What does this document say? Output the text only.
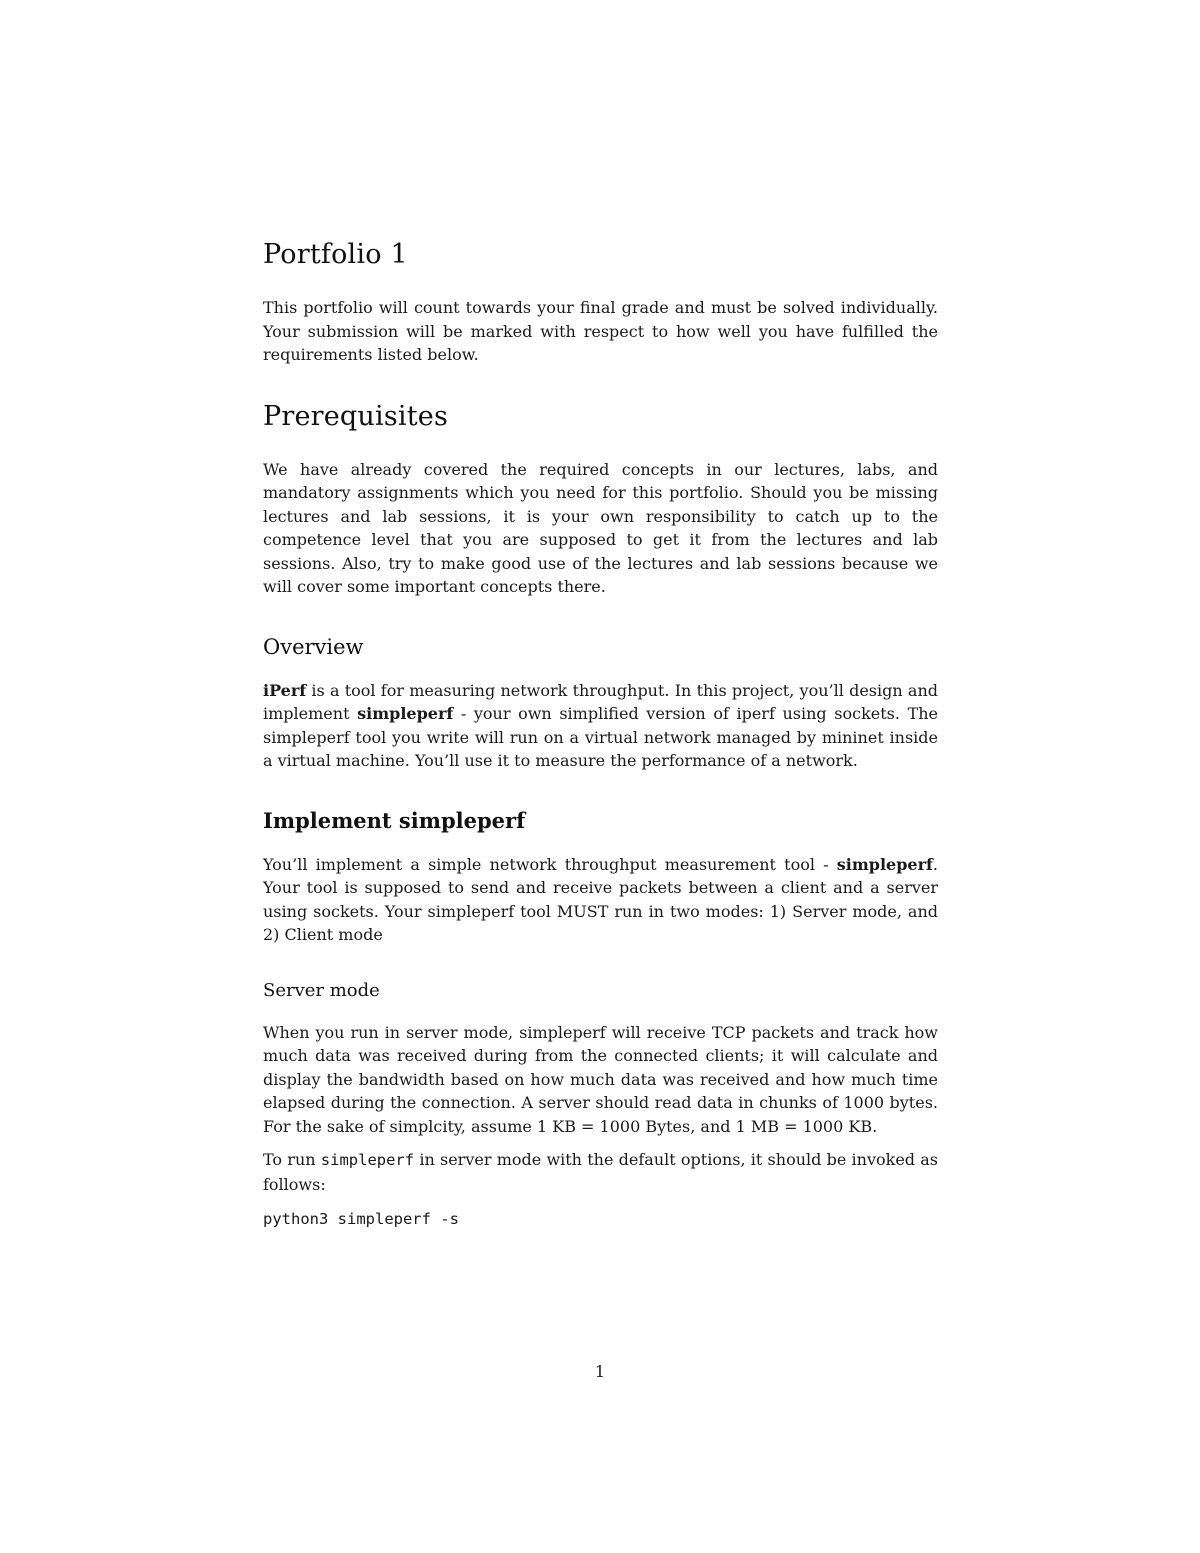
Portfolio 1

This portfolio will count towards your final grade and must be solved individually. Your submission will be marked with respect to how well you have fulfilled the requirements listed below.

Prerequisites

We have already covered the required concepts in our lectures, labs, and mandatory assignments which you need for this portfolio. Should you be missing lectures and lab sessions, it is your own responsibility to catch up to the competence level that you are supposed to get it from the lectures and lab sessions. Also, try to make good use of the lectures and lab sessions because we will cover some important concepts there.

Overview

iPerf is a tool for measuring network throughput. In this project, you’ll design and implement simpleperf - your own simplified version of iperf using sockets. The simpleperf tool you write will run on a virtual network managed by mininet inside a virtual machine. You’ll use it to measure the performance of a network.

Implement simpleperf

You’ll implement a simple network throughput measurement tool - simpleperf. Your tool is supposed to send and receive packets between a client and a server using sockets. Your simpleperf tool MUST run in two modes: 1) Server mode, and 2) Client mode

Server mode

When you run in server mode, simpleperf will receive TCP packets and track how much data was received during from the connected clients; it will calculate and display the bandwidth based on how much data was received and how much time elapsed during the connection. A server should read data in chunks of 1000 bytes. For the sake of simplcity, assume 1 KB = 1000 Bytes, and 1 MB = 1000 KB.

To run simpleperf in server mode with the default options, it should be invoked as follows:

python3 simpleperf -s

1
